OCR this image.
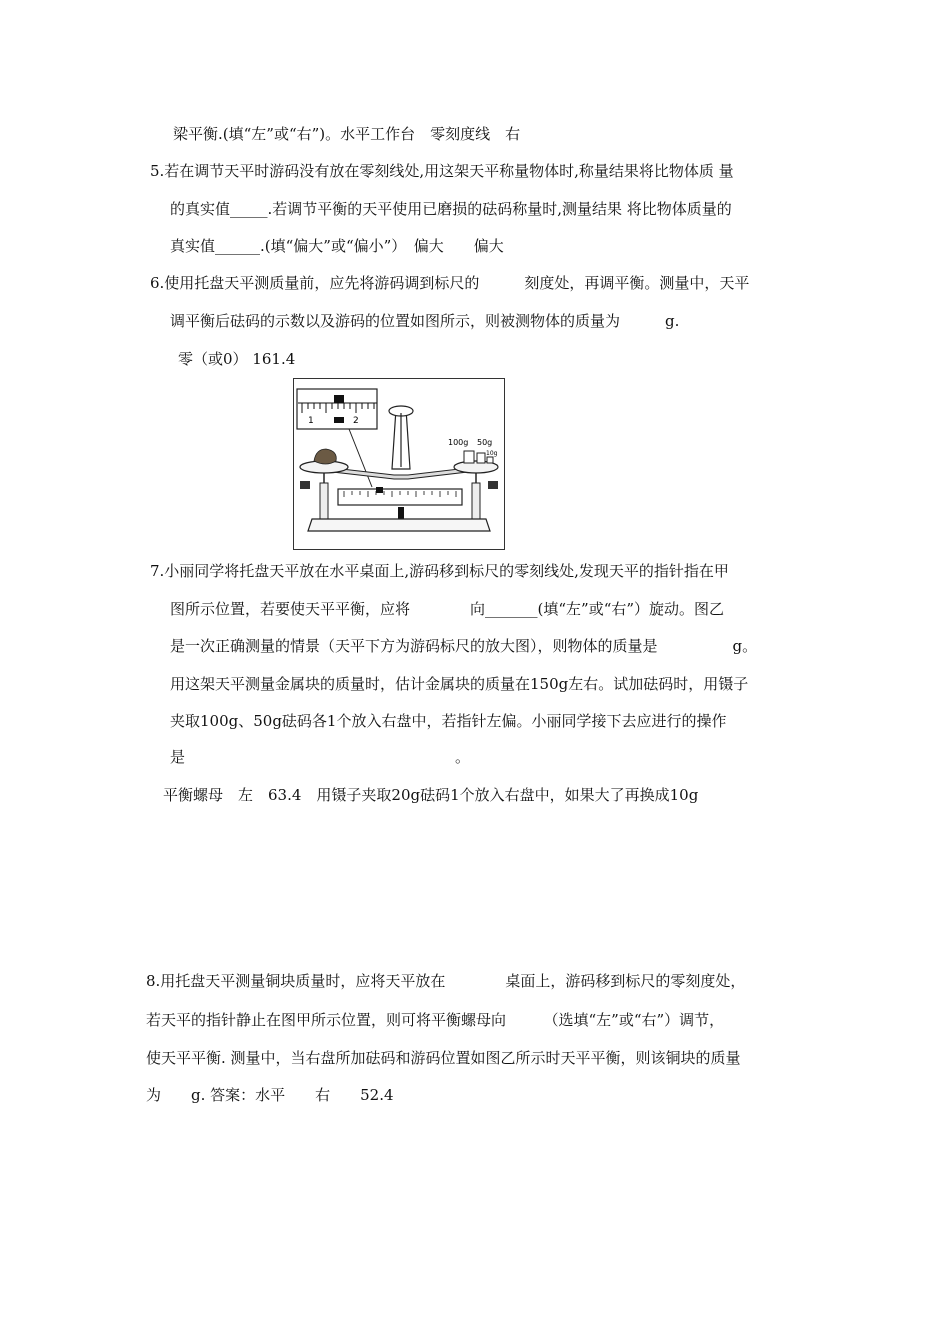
梁平衡.(填“左”或“右”)。水平工作台　零刻度线　右
5.若在调节天平时游码没有放在零刻线处,用这架天平称量物体时,称量结果将比物体质 量
的真实值_____.若调节平衡的天平使用已磨损的砝码称量时,测量结果 将比物体质量的
真实值______.(填“偏大”或“偏小”）　偏大　　偏大
6.使用托盘天平测质量前，应先将游码调到标尺的　　　刻度处，再调平衡。测量中，天平
调平衡后砝码的示数以及游码的位置如图所示，则被测物体的质量为　　　g.
零（或0） 161.4
1	2
100g 50g
10g
7.小丽同学将托盘天平放在水平桌面上,游码移到标尺的零刻线处,发现天平的指针指在甲
图所示位置，若要使天平平衡，应将　　　　向_______(填“左”或“右”）旋动。图乙
是一次正确测量的情景（天平下方为游码标尺的放大图），则物体的质量是　　　　　g。
用这架天平测量金属块的质量时，估计金属块的质量在150g左右。试加砝码时，用镊子
夹取100g、50g砝码各1个放入右盘中，若指针左偏。小丽同学接下去应进行的操作
是　　　　　　　　　　　　　　　　　　。
平衡螺母　左　63.4　用镊子夹取20g砝码1个放入右盘中，如果大了再换成10g
8.用托盘天平测量铜块质量时，应将天平放在　　　　桌面上，游码移到标尺的零刻度处，
若天平的指针静止在图甲所示位置，则可将平衡螺母向　　　（选填“左”或“右”）调节，
使天平平衡. 测量中，当右盘所加砝码和游码位置如图乙所示时天平平衡，则该铜块的质量
为　　g. 答案：水平　　右　　52.4
